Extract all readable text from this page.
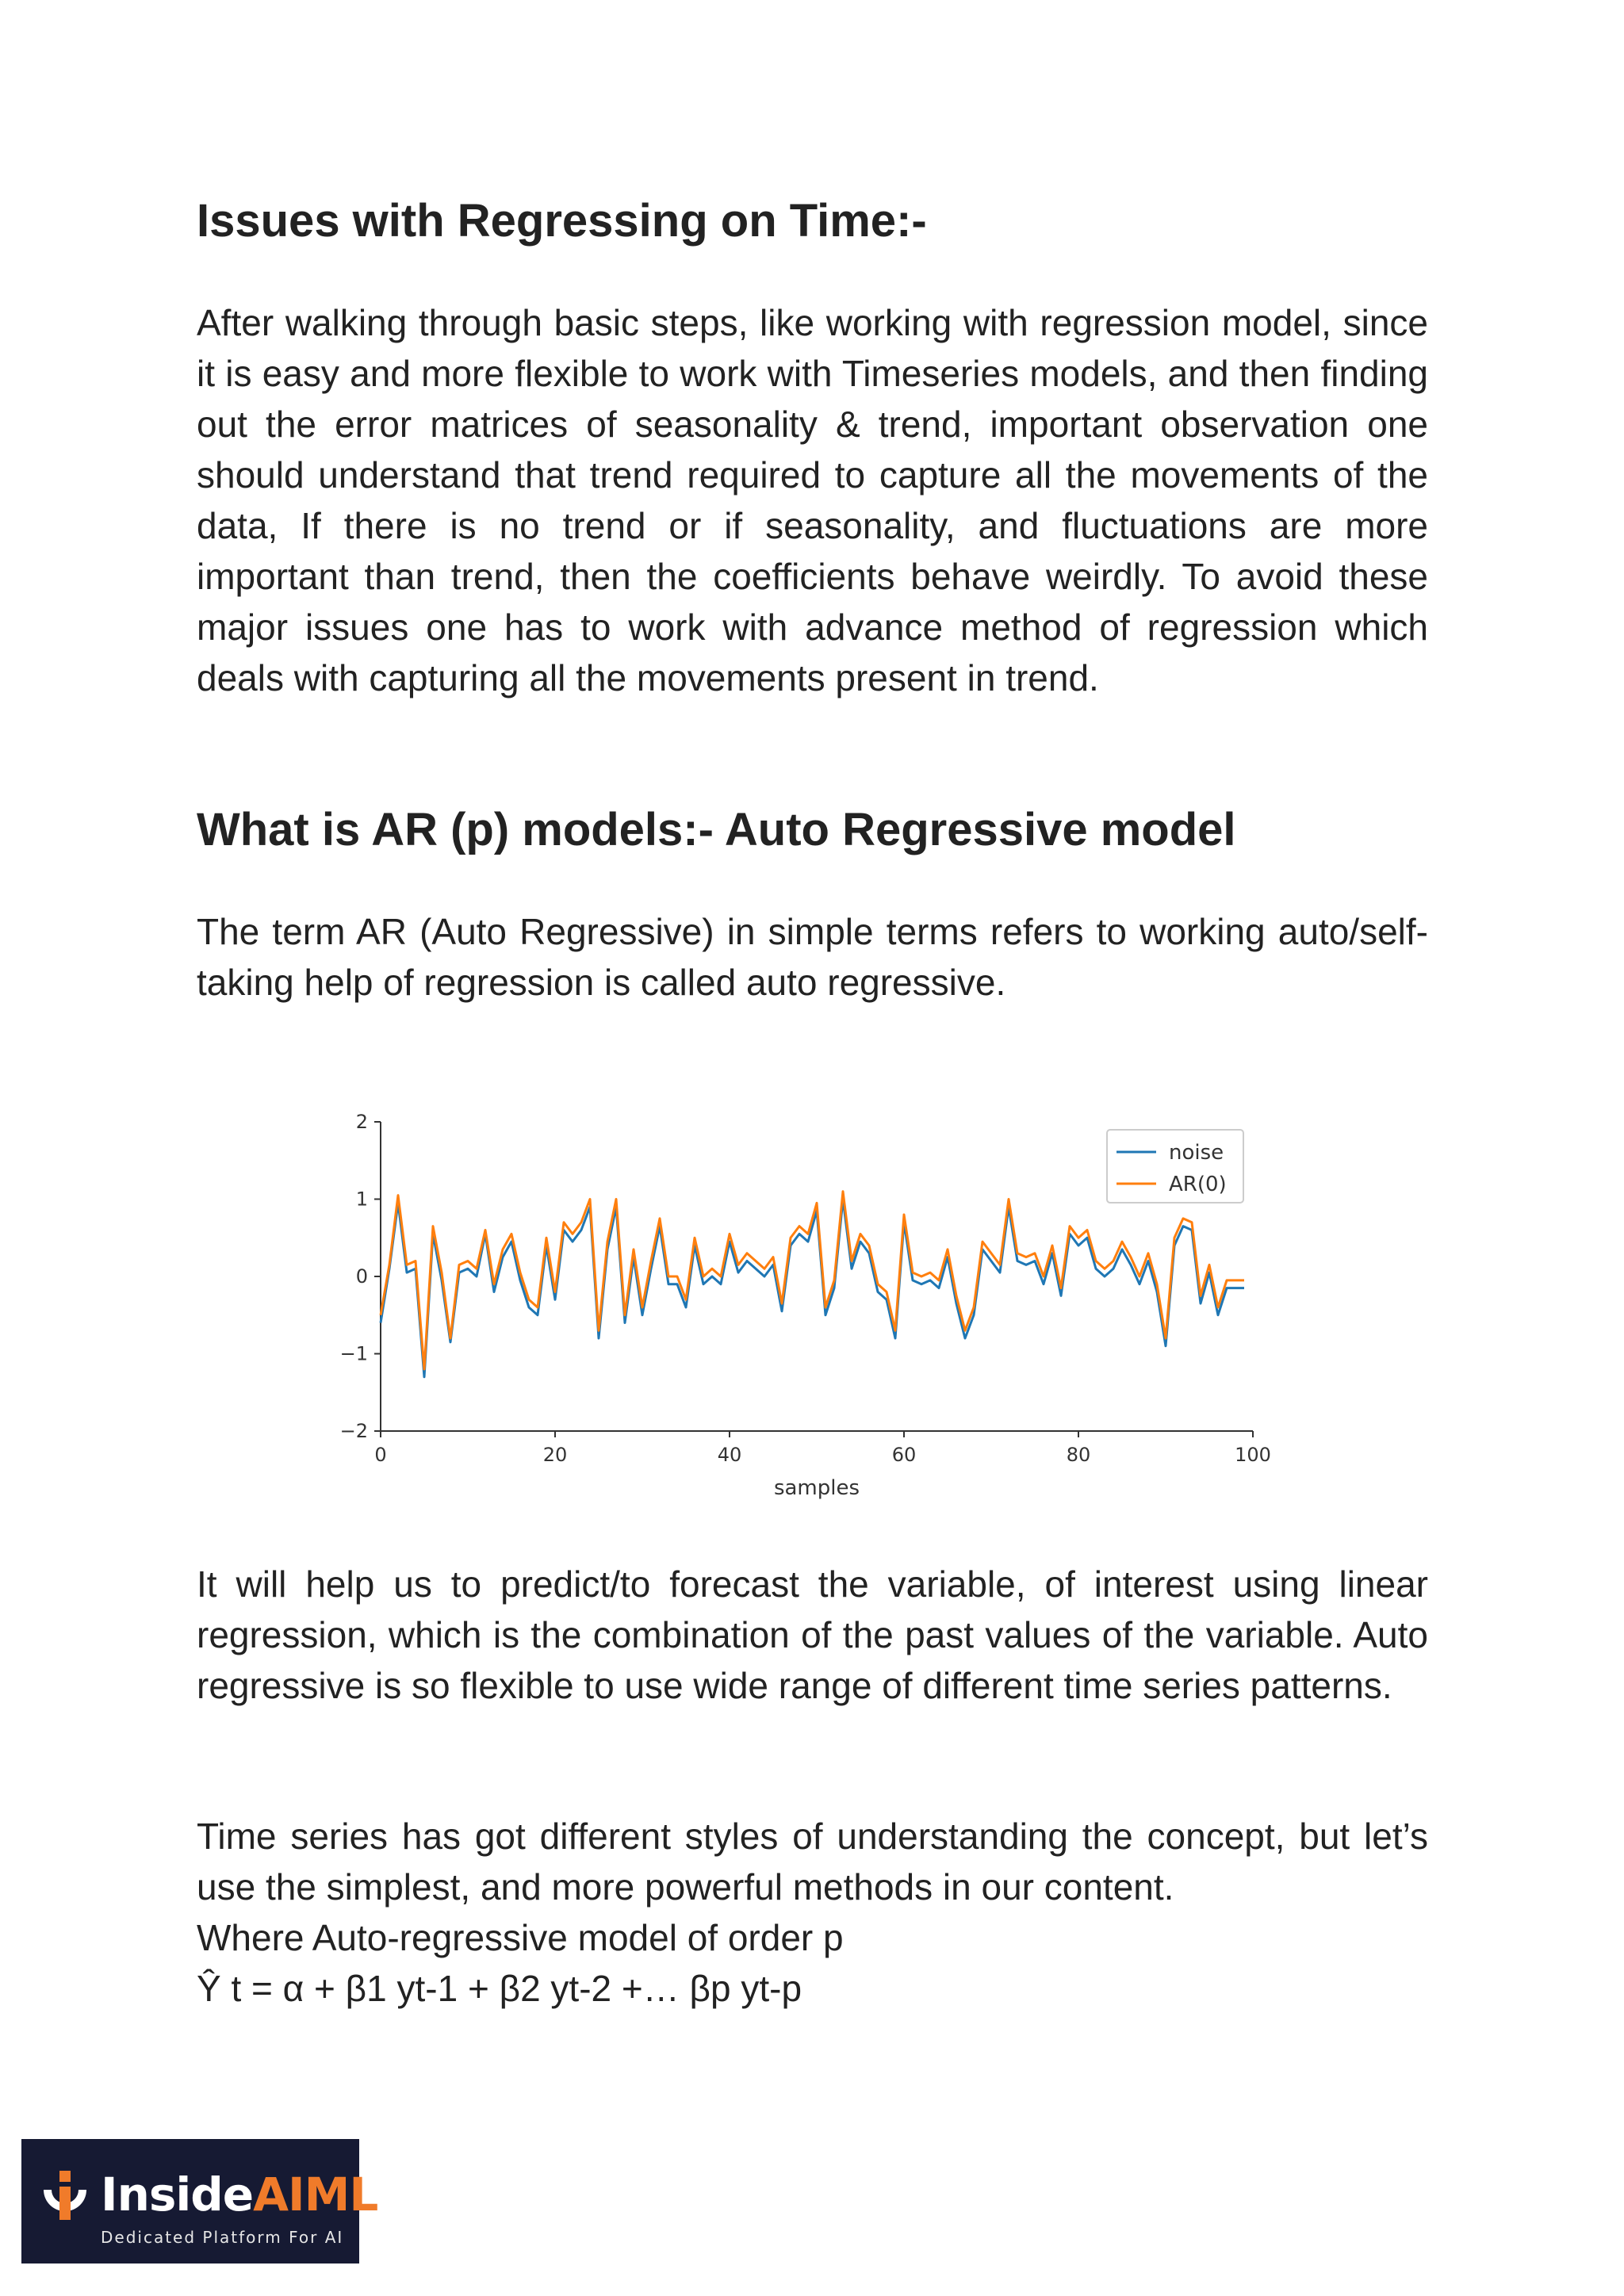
Issues with Regressing on Time:-

After walking through basic steps, like working with regression model, since it is easy and more flexible to work with Timeseries models, and then finding out the error matrices of seasonality & trend, important observation one should understand that trend required to capture all the movements of the data, If there is no trend or if seasonality, and fluctuations are more important than trend, then the coefficients behave weirdly. To avoid these major issues one has to work with advance method of regression which deals with capturing all the movements present in trend.

What is AR (p) models:- Auto Regressive model

The term AR (Auto Regressive) in simple terms refers to working auto/self-taking help of regression is called auto regressive.

2
1
0
−1
−2
0	20	40	60	80	100
samples
noise
AR(0)

It will help us to predict/to forecast the variable, of interest using linear regression, which is the combination of the past values of the variable. Auto regressive is so flexible to use wide range of different time series patterns.

Time series has got different styles of understanding the concept, but let’s use the simplest, and more powerful methods in our content.
Where Auto-regressive model of order p
Ŷ t = α + β1 yt-1 + β2 yt-2 +… βp yt-p

InsideAIML
Dedicated Platform For AI
